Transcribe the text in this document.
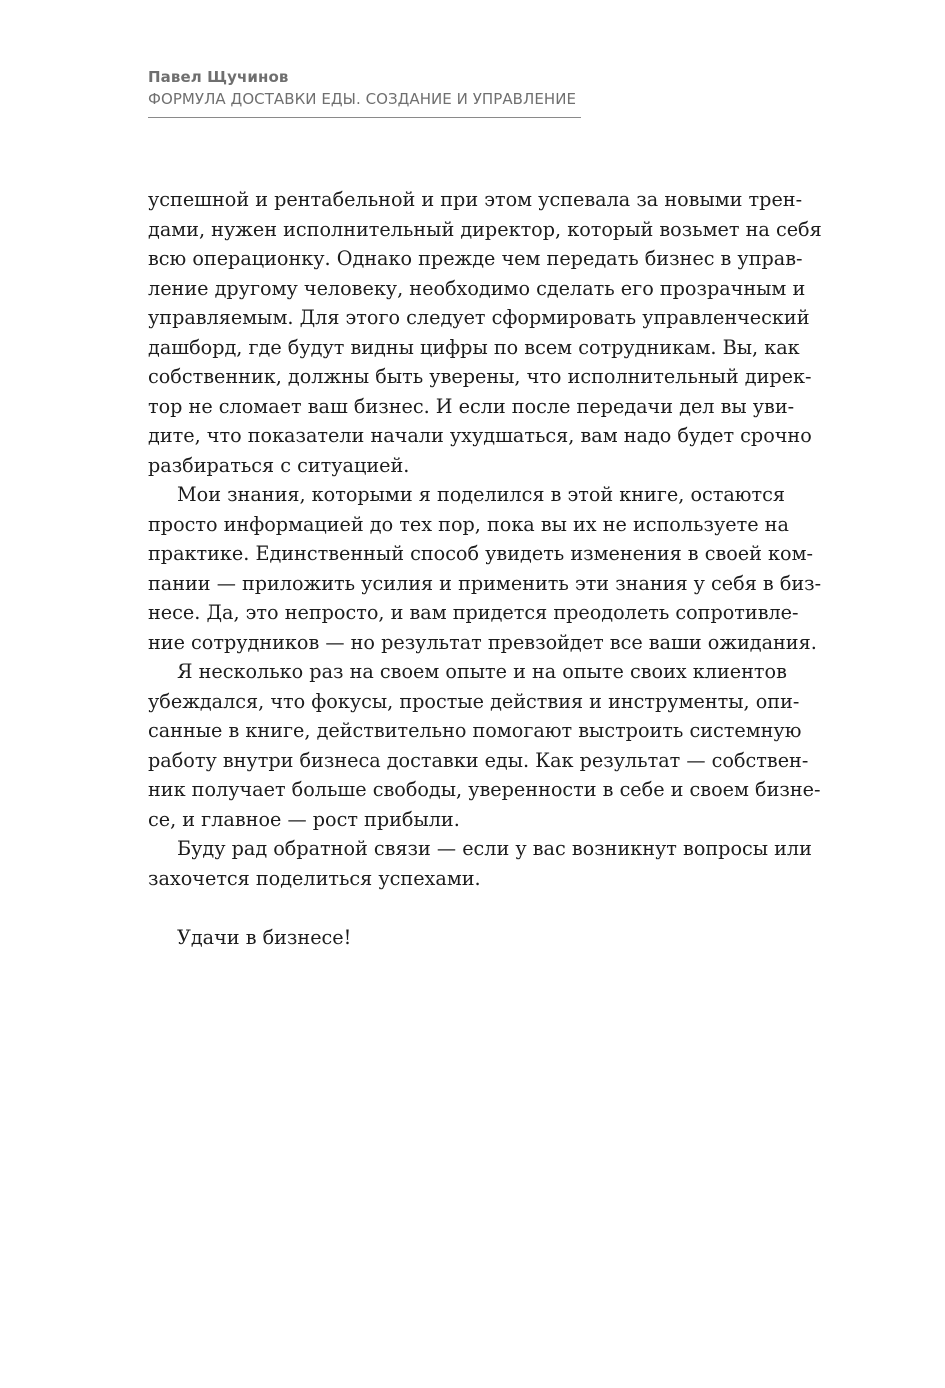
Павел Щучинов
ФОРМУЛА ДОСТАВКИ ЕДЫ. СОЗДАНИЕ И УПРАВЛЕНИЕ
успешной и рентабельной и при этом успевала за новыми трен-
дами, нужен исполнительный директор, который возьмет на себя
всю операционку. Однако прежде чем передать бизнес в управ-
ление другому человеку, необходимо сделать его прозрачным и
управляемым. Для этого следует сформировать управленческий
дашборд, где будут видны цифры по всем сотрудникам. Вы, как
собственник, должны быть уверены, что исполнительный дирек-
тор не сломает ваш бизнес. И если после передачи дел вы уви-
дите, что показатели начали ухудшаться, вам надо будет срочно
разбираться с ситуацией.
Мои знания, которыми я поделился в этой книге, остаются
просто информацией до тех пор, пока вы их не используете на
практике. Единственный способ увидеть изменения в своей ком-
пании — приложить усилия и применить эти знания у себя в биз-
несе. Да, это непросто, и вам придется преодолеть сопротивле-
ние сотрудников — но результат превзойдет все ваши ожидания.
Я несколько раз на своем опыте и на опыте своих клиентов
убеждался, что фокусы, простые действия и инструменты, опи-
санные в книге, действительно помогают выстроить системную
работу внутри бизнеса доставки еды. Как результат — собствен-
ник получает больше свободы, уверенности в себе и своем бизне-
се, и главное — рост прибыли.
Буду рад обратной связи — если у вас возникнут вопросы или
захочется поделиться успехами.
Удачи в бизнесе!
